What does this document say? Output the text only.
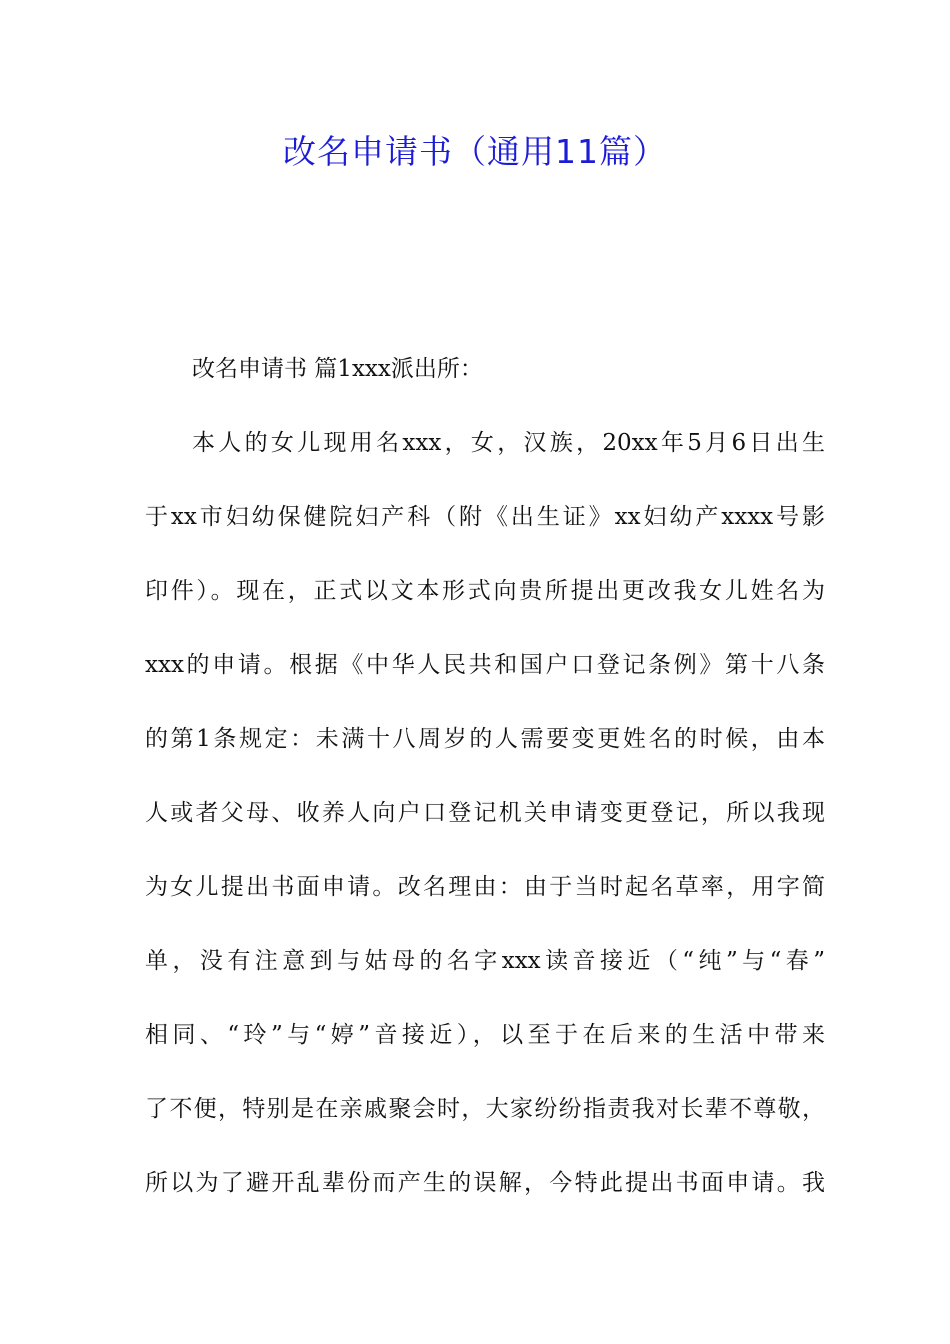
改名申请书（通用11篇）
改名申请书 篇1xxx派出所：
本人的女儿现用名xxx，女，汉族，20xx年5月6日出生
于xx市妇幼保健院妇产科（附《出生证》xx妇幼产xxxx号影
印件）。现在，正式以文本形式向贵所提出更改我女儿姓名为
xxx的申请。根据《中华人民共和国户口登记条例》第十八条
的第1条规定：未满十八周岁的人需要变更姓名的时候，由本
人或者父母、收养人向户口登记机关申请变更登记，所以我现
为女儿提出书面申请。改名理由：由于当时起名草率，用字简
单，没有注意到与姑母的名字xxx读音接近（“纯”与“春”
相同、“玲”与“婷”音接近），以至于在后来的生活中带来
了不便，特别是在亲戚聚会时，大家纷纷指责我对长辈不尊敬，
所以为了避开乱辈份而产生的误解，今特此提出书面申请。我
